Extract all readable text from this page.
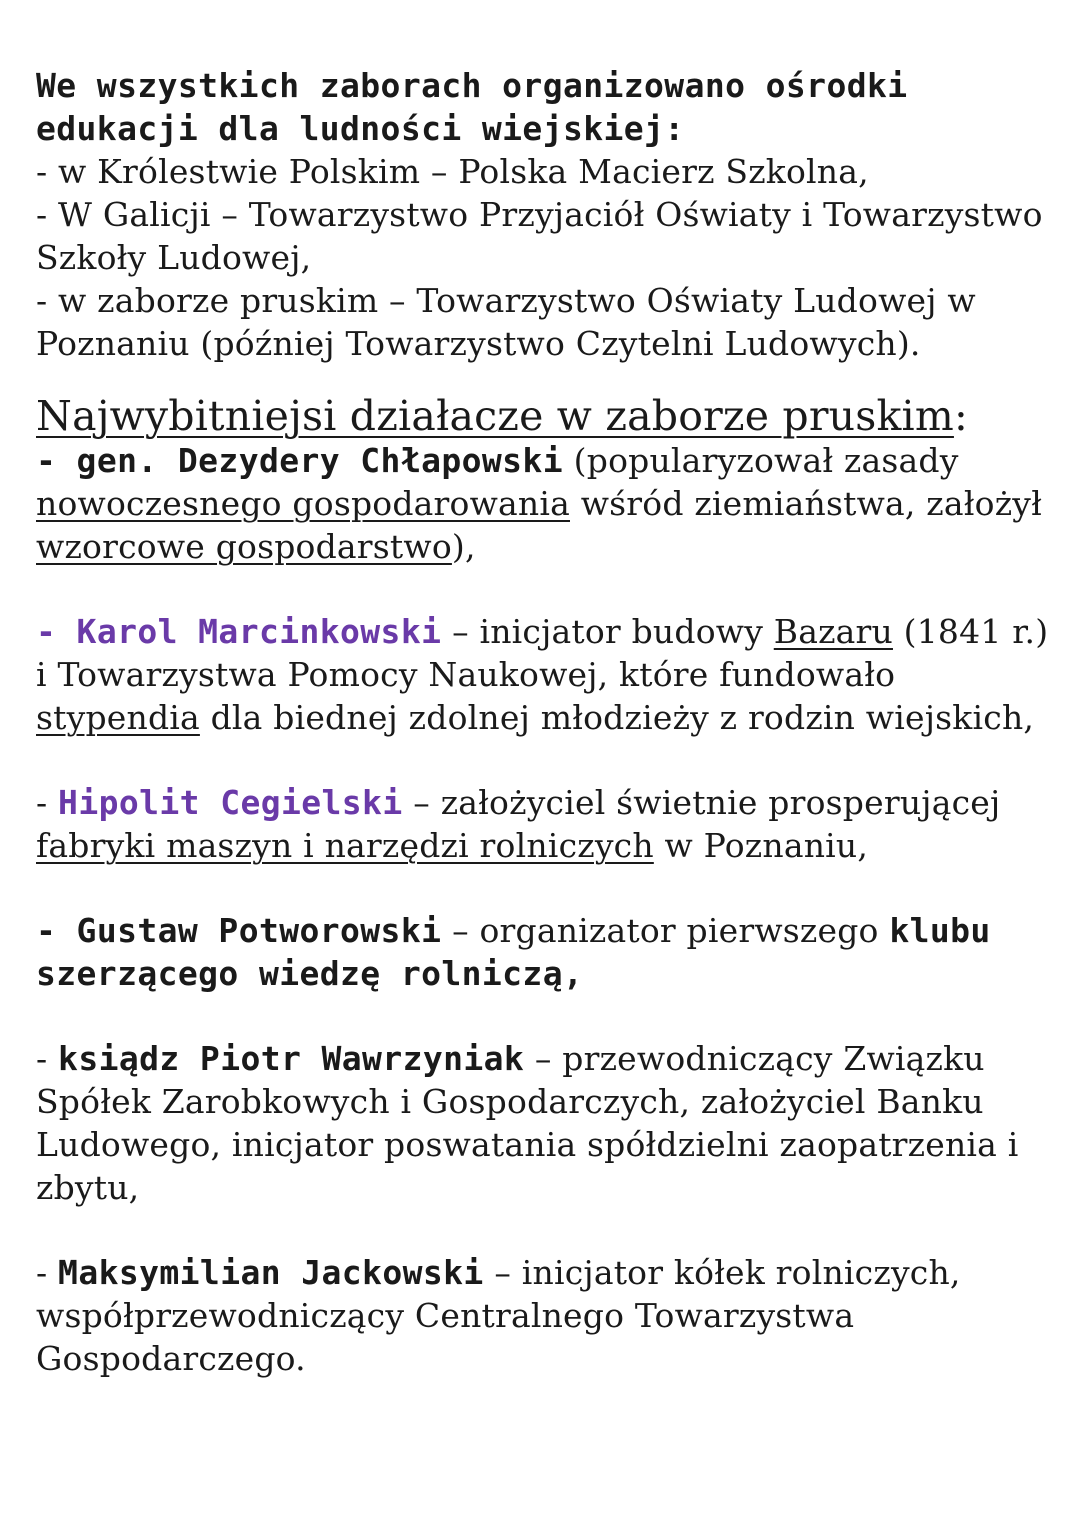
We wszystkich zaborach organizowano ośrodki edukacji dla ludności wiejskiej:

- w Królestwie Polskim – Polska Macierz Szkolna,

- W Galicji – Towarzystwo Przyjaciół Oświaty i Towarzystwo Szkoły Ludowej,

- w zaborze pruskim – Towarzystwo Oświaty Ludowej w Poznaniu (później Towarzystwo Czytelni Ludowych).

Najwybitniejsi działacze w zaborze pruskim:

- gen. Dezydery Chłapowski (popularyzował zasady nowoczesnego gospodarowania wśród ziemiaństwa, założył wzorcowe gospodarstwo),

- Karol Marcinkowski – inicjator budowy Bazaru (1841 r.) i Towarzystwa Pomocy Naukowej, które fundowało stypendia dla biednej zdolnej młodzieży z rodzin wiejskich,

- Hipolit Cegielski – założyciel świetnie prosperującej fabryki maszyn i narzędzi rolniczych w Poznaniu,

- Gustaw Potworowski – organizator pierwszego klubu szerzącego wiedzę rolniczą,

- ksiądz Piotr Wawrzyniak – przewodniczący Związku Spółek Zarobkowych i Gospodarczych, założyciel Banku Ludowego, inicjator poswatania spółdzielni zaopatrzenia i zbytu,

- Maksymilian Jackowski – inicjator kółek rolniczych, współprzewodniczący Centralnego Towarzystwa Gospodarczego.
